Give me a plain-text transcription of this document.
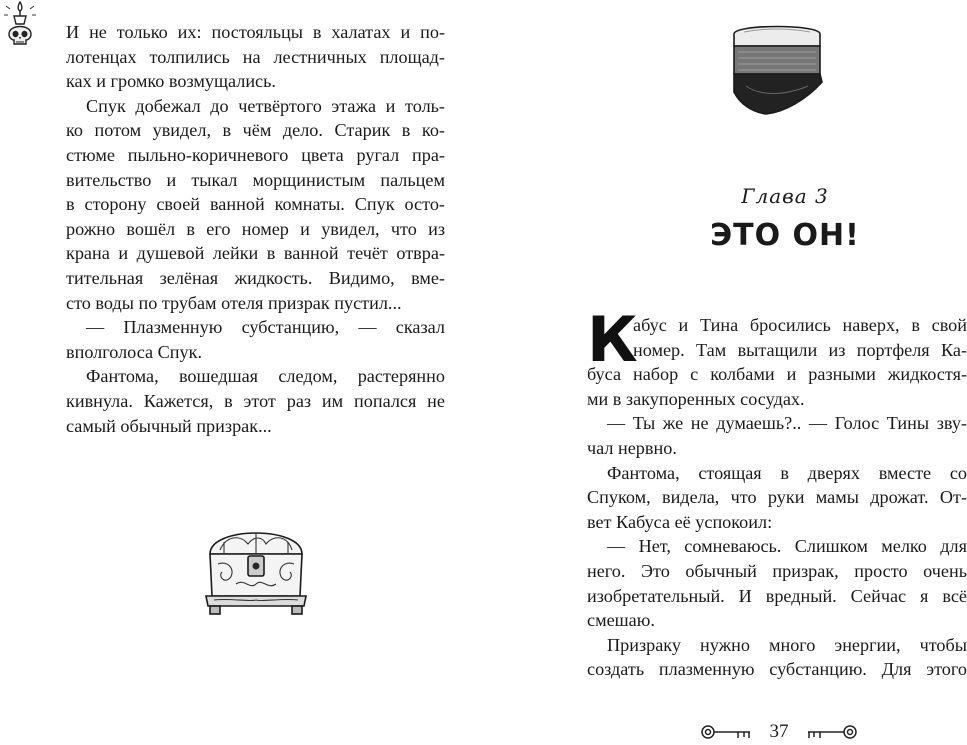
И не только их: постояльцы в халатах и по-
лотенцах толпились на лестничных площад-
ках и громко возмущались.

Спук добежал до четвёртого этажа и толь-
ко потом увидел, в чём дело. Старик в ко-
стюме пыльно-коричневого цвета ругал пра-
вительство и тыкал морщинистым пальцем
в сторону своей ванной комнаты. Спук осто-
рожно вошёл в его номер и увидел, что из
крана и душевой лейки в ванной течёт отвра-
тительная зелёная жидкость. Видимо, вме-
сто воды по трубам отеля призрак пустил...

— Плазменную субстанцию, — сказал
вполголоса Спук.

Фантома, вошедшая следом, растерянно
кивнула. Кажется, в этот раз им попался не
самый обычный призрак...

Глава 3
ЭТО ОН!

К
абус и Тина бросились наверх, в свой
номер. Там вытащили из портфеля Ка-
буса набор с колбами и разными жидкостя-
ми в закупоренных сосудах.

— Ты же не думаешь?.. — Голос Тины зву-
чал нервно.

Фантома, стоящая в дверях вместе со
Спуком, видела, что руки мамы дрожат. От-
вет Кабуса её успокоил:

— Нет, сомневаюсь. Слишком мелко для
него. Это обычный призрак, просто очень
изобретательный. И вредный. Сейчас я всё
смешаю.

Призраку нужно много энергии, чтобы
создать плазменную субстанцию. Для этого

37
